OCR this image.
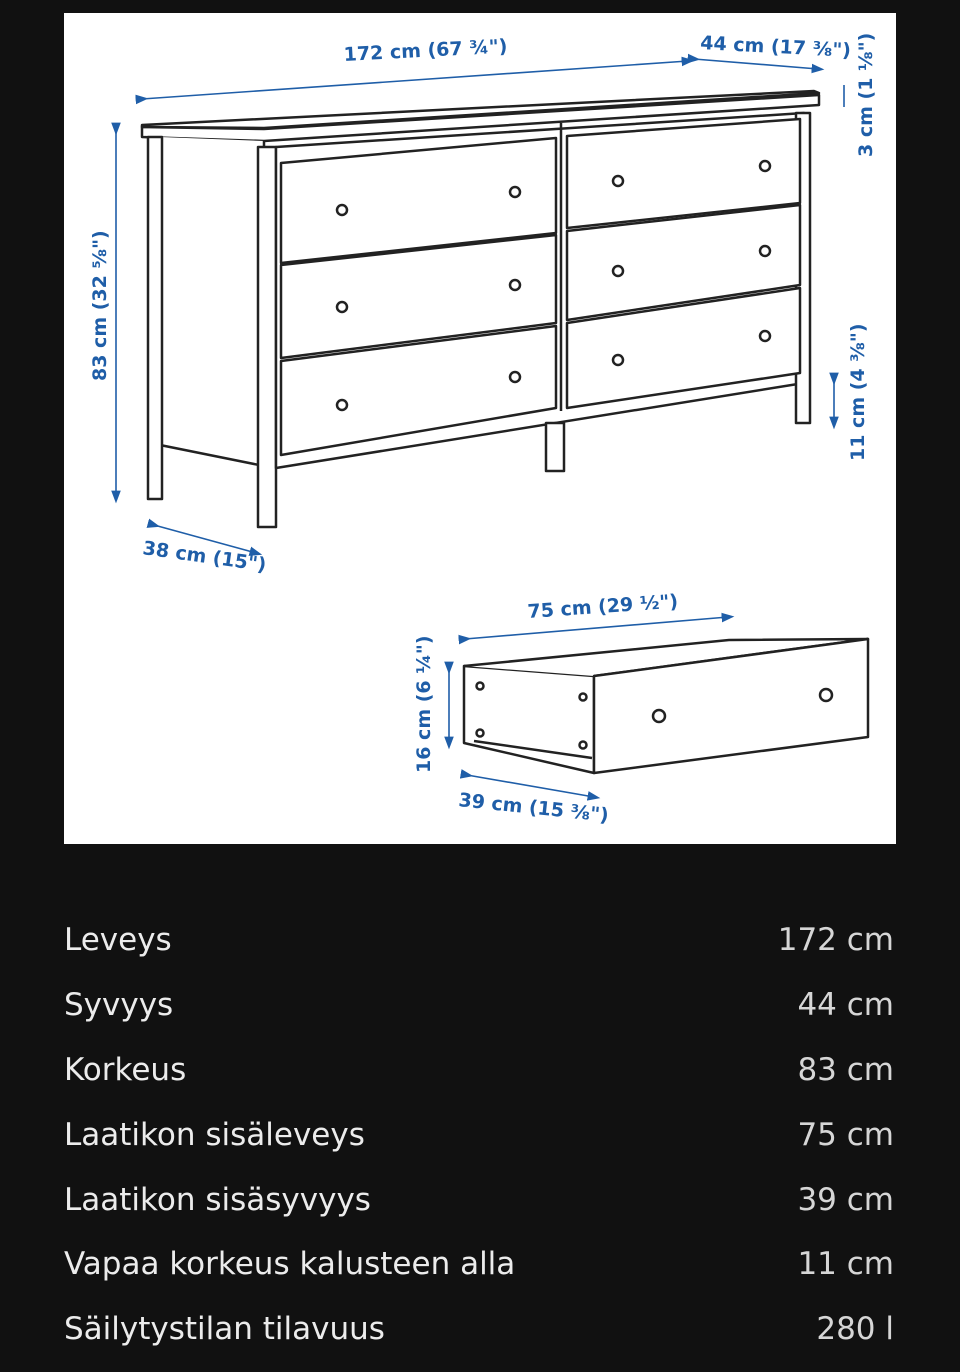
172 cm (67 ¾")	44 cm (17 ⅜") 3 cm (1 ⅛")
83 cm (32 ⅝")
11 cm (4 ⅜")
38 cm (15")
75 cm (29 ½")
16 cm (6 ¼")
39 cm (15 ⅜")
Leveys	172 cm
Syvyys	44 cm
Korkeus	83 cm
Laatikon sisäleveys	75 cm
Laatikon sisäsyvyys	39 cm
Vapaa korkeus kalusteen alla	11 cm
Säilytystilan tilavuus	280 l
